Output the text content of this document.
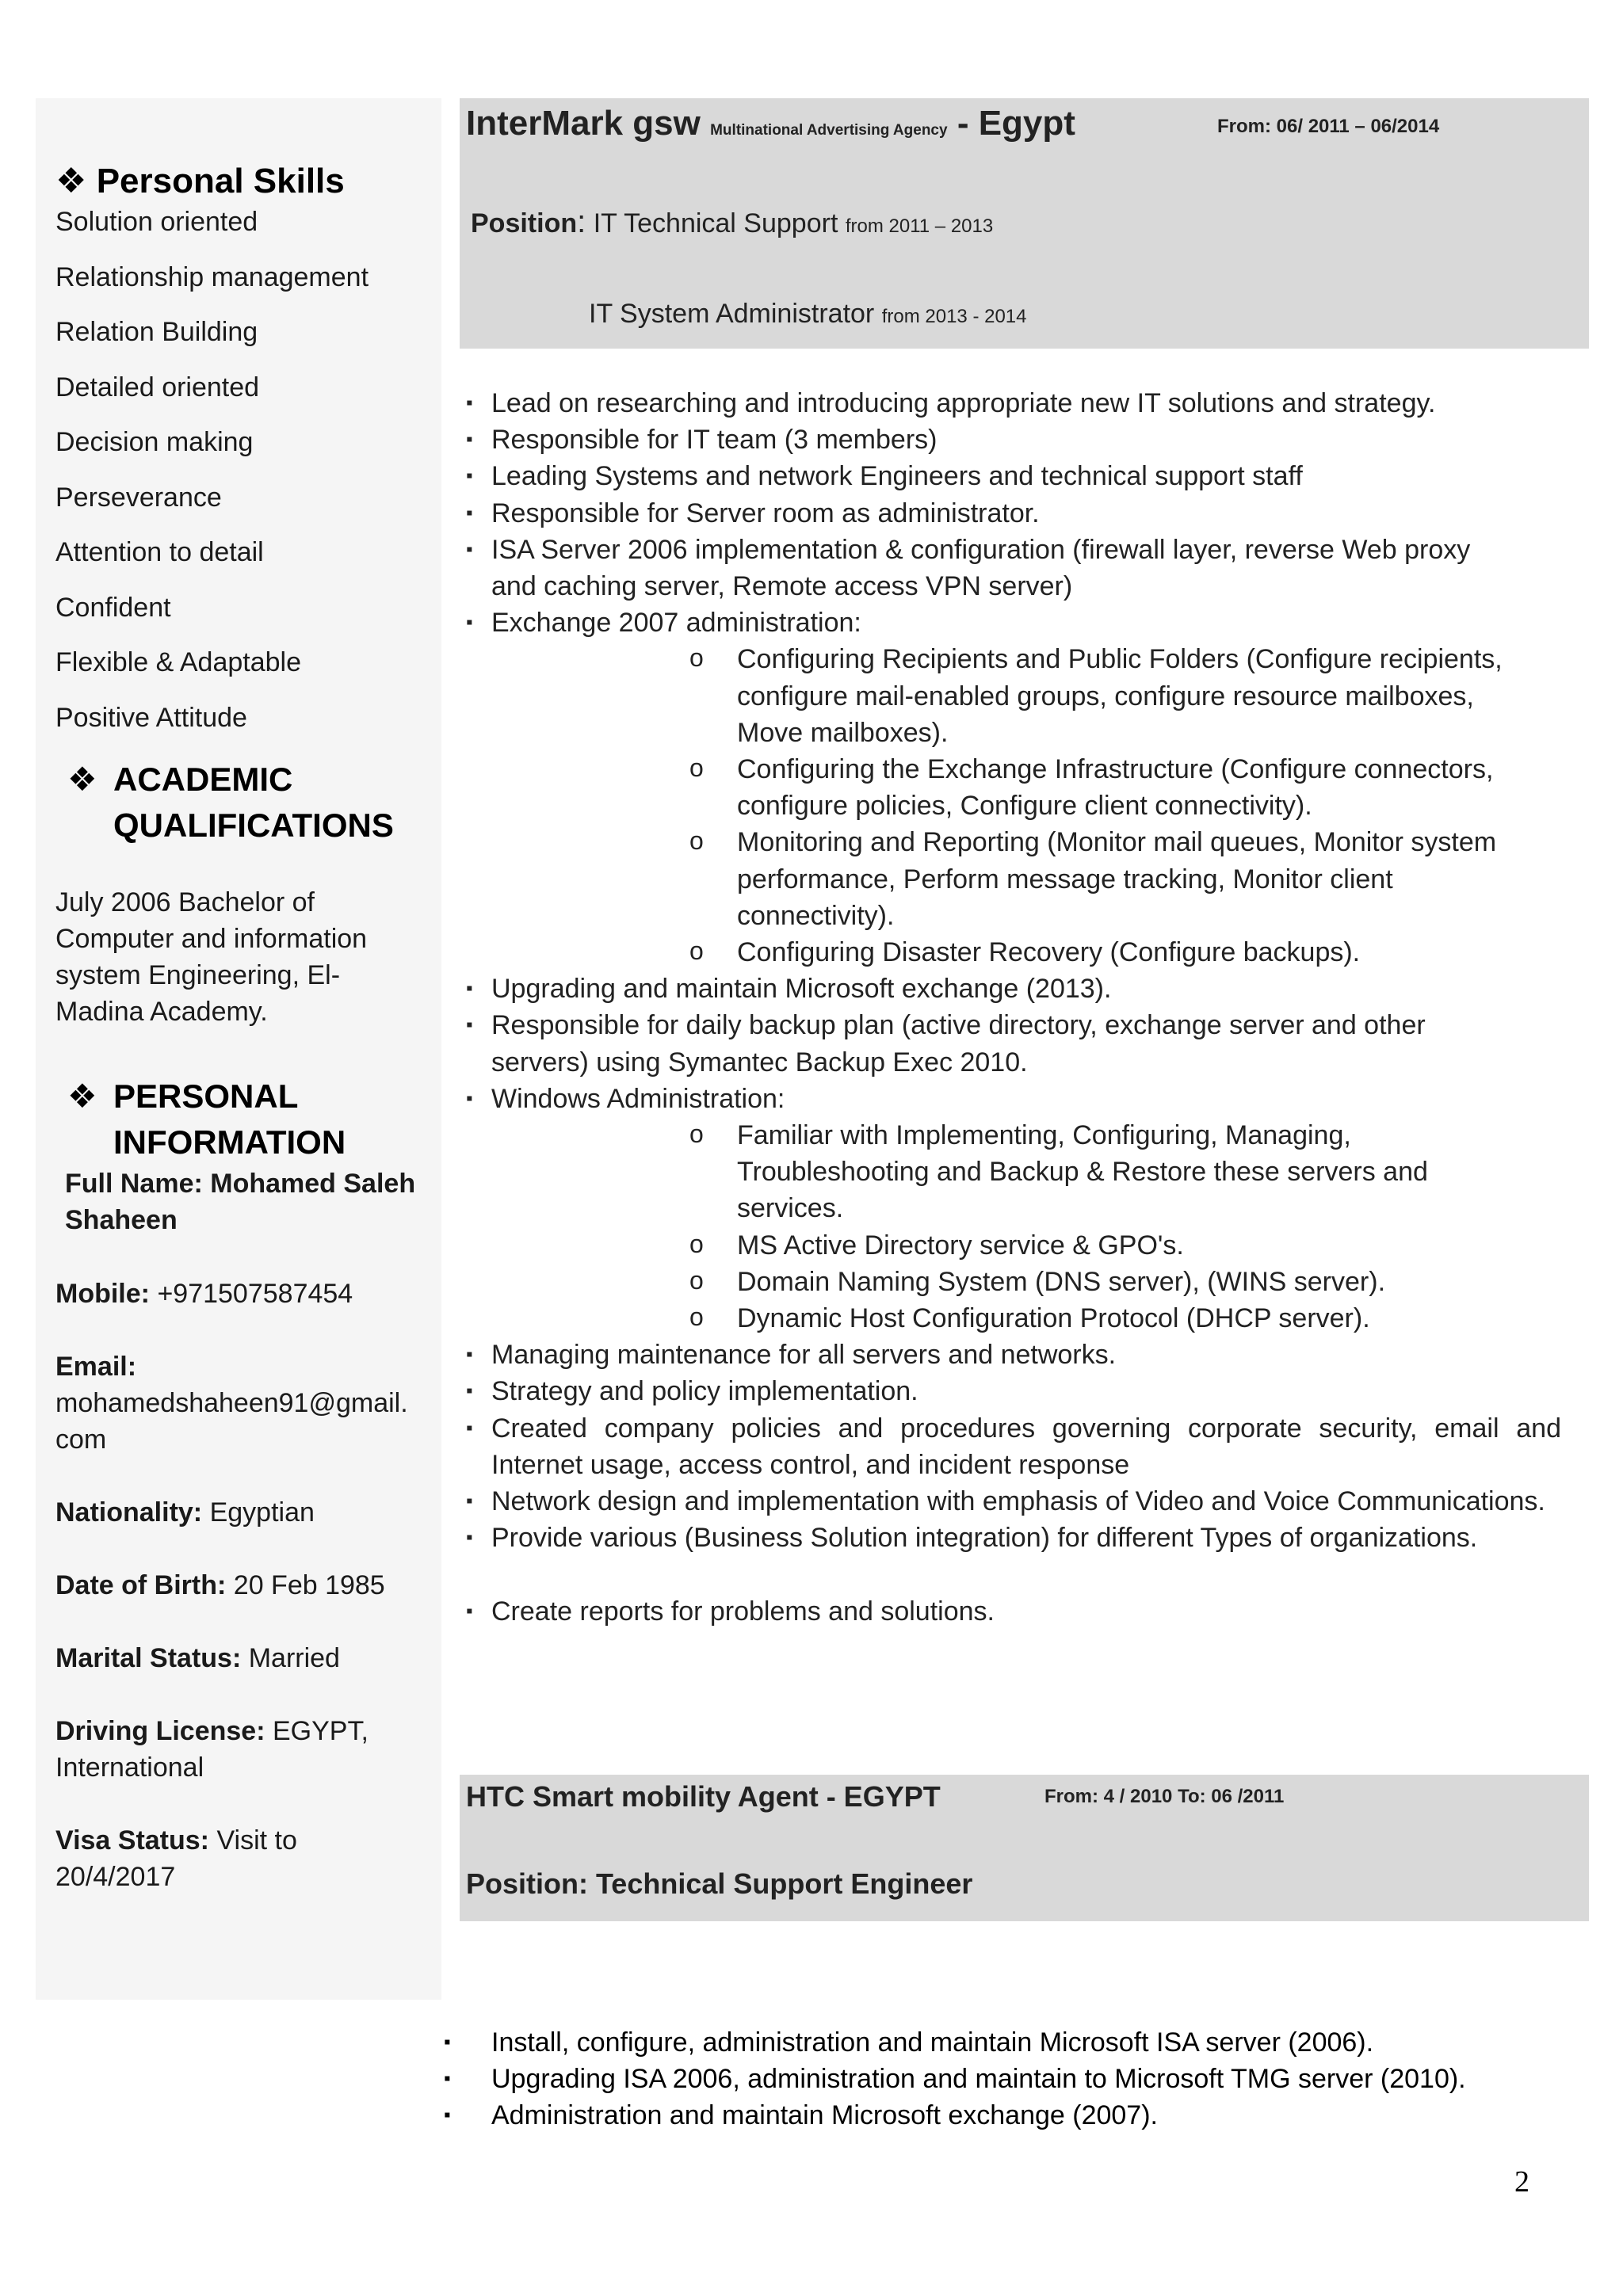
❖ Personal Skills
Solution oriented
Relationship management
Relation Building
Detailed oriented
Decision making
Perseverance
Attention to detail
Confident
Flexible & Adaptable
Positive Attitude
❖ ACADEMIC
QUALIFICATIONS
July 2006 Bachelor of
Computer and information
system Engineering, El-
Madina Academy.
❖ PERSONAL
INFORMATION
Full Name: Mohamed Saleh
Shaheen
Mobile: +971507587454
Email:
mohamedshaheen91@gmail.
com
Nationality: Egyptian
Date of Birth: 20 Feb 1985
Marital Status: Married
Driving License: EGYPT,
International
Visa Status: Visit to
20/4/2017
InterMark gsw Multinational Advertising Agency - Egypt	From: 06/ 2011 – 06/2014
Position: IT Technical Support from 2011 – 2013
IT System Administrator from 2013 - 2014
▪ Lead on researching and introducing appropriate new IT solutions and strategy.
▪ Responsible for IT team (3 members)
▪ Leading Systems and network Engineers and technical support staff
▪ Responsible for Server room as administrator.
▪ ISA Server 2006 implementation & configuration (firewall layer, reverse Web proxy and caching server, Remote access VPN server)
▪ Exchange 2007 administration:
o Configuring Recipients and Public Folders (Configure recipients, configure mail-enabled groups, configure resource mailboxes, Move mailboxes).
o Configuring the Exchange Infrastructure (Configure connectors, configure policies, Configure client connectivity).
o Monitoring and Reporting (Monitor mail queues, Monitor system performance, Perform message tracking, Monitor client connectivity).
o Configuring Disaster Recovery (Configure backups).
▪ Upgrading and maintain Microsoft exchange (2013).
▪ Responsible for daily backup plan (active directory, exchange server and other servers) using Symantec Backup Exec 2010.
▪ Windows Administration:
o Familiar with Implementing, Configuring, Managing, Troubleshooting and Backup & Restore these servers and services.
o MS Active Directory service & GPO's.
o Domain Naming System (DNS server), (WINS server).
o Dynamic Host Configuration Protocol (DHCP server).
▪ Managing maintenance for all servers and networks.
▪ Strategy and policy implementation.
▪ Created company policies and procedures governing corporate security, email and Internet usage, access control, and incident response
▪ Network design and implementation with emphasis of Video and Voice Communications.
▪ Provide various (Business Solution integration) for different Types of organizations.
▪ Create reports for problems and solutions.
HTC Smart mobility Agent - EGYPT	From: 4 / 2010 To: 06 /2011
Position: Technical Support Engineer
▪ Install, configure, administration and maintain Microsoft ISA server (2006).
▪ Upgrading ISA 2006, administration and maintain to Microsoft TMG server (2010).
▪ Administration and maintain Microsoft exchange (2007).
2
